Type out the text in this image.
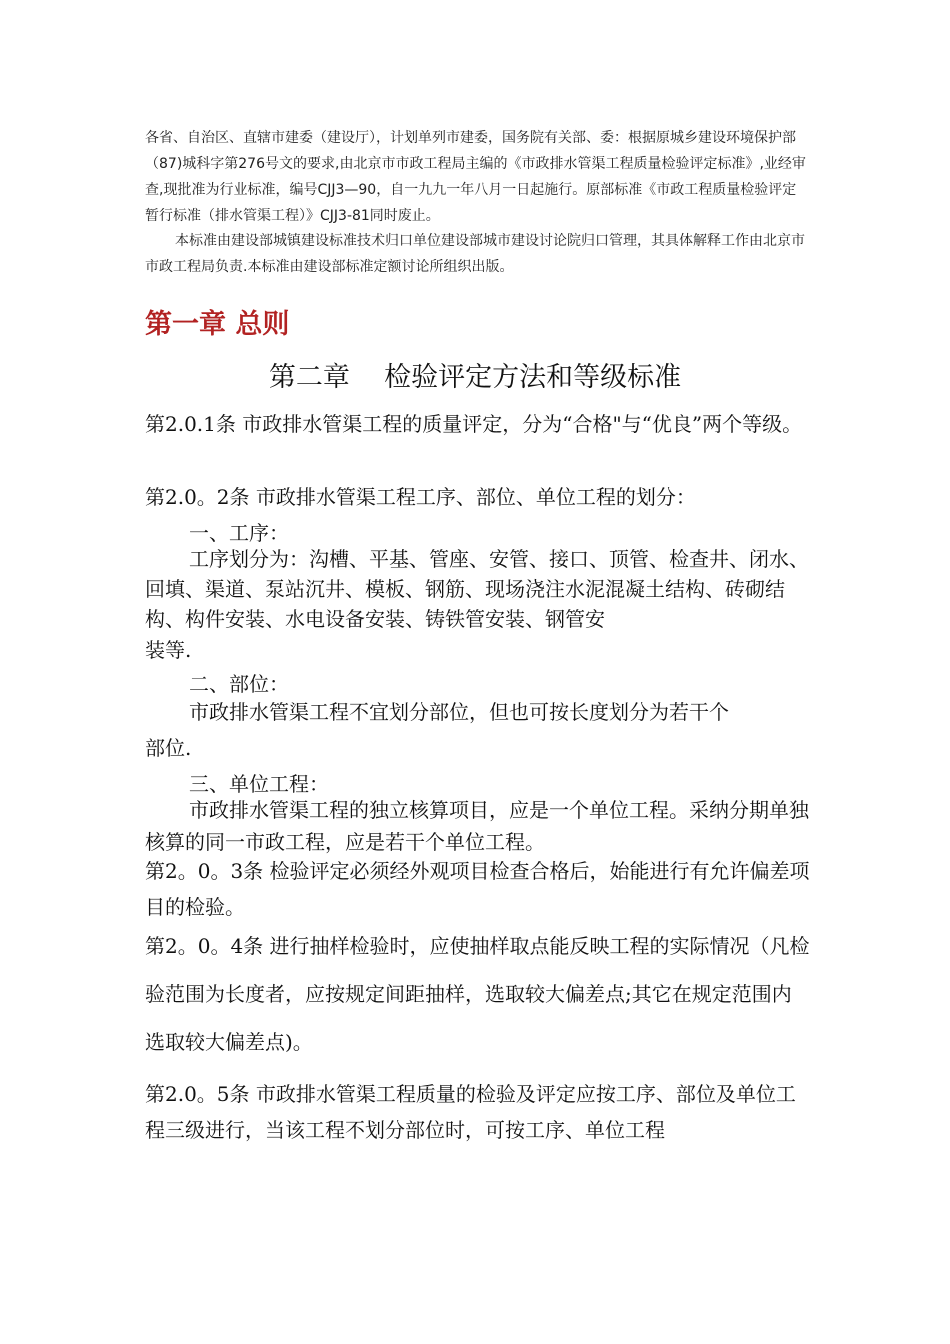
各省、自治区、直辖市建委（建设厅），计划单列市建委，国务院有关部、委：根据原城乡建设环境保护部（87)城科字第276号文的要求,由北京市市政工程局主编的《市政排水管渠工程质量检验评定标准》,业经审查,现批准为行业标准，编号CJJ3—90，自一九九一年八月一日起施行。原部标准《市政工程质量检验评定暂行标准（排水管渠工程）》CJJ3-81同时废止。
本标准由建设部城镇建设标准技术归口单位建设部城市建设讨论院归口管理，其具体解释工作由北京市市政工程局负责.本标准由建设部标准定额讨论所组织出版。
第一章 总则
第二章    检验评定方法和等级标准
第2.0.1条 市政排水管渠工程的质量评定，分为“合格"与“优良”两个等级。
第2.0。2条 市政排水管渠工程工序、部位、单位工程的划分：
一、工序：
工序划分为：沟槽、平基、管座、安管、接口、顶管、检查井、闭水、回填、渠道、泵站沉井、模板、钢筋、现场浇注水泥混凝土结构、砖砌结构、构件安装、水电设备安装、铸铁管安装、钢管安
装等.
二、部位：
市政排水管渠工程不宜划分部位，但也可按长度划分为若干个
部位.
三、单位工程：
市政排水管渠工程的独立核算项目，应是一个单位工程。采纳分期单独核算的同一市政工程，应是若干个单位工程。
第2。0。3条 检验评定必须经外观项目检查合格后，始能进行有允许偏差项目的检验。
第2。0。4条 进行抽样检验时，应使抽样取点能反映工程的实际情况（凡检验范围为长度者，应按规定间距抽样，选取较大偏差点;其它在规定范围内选取较大偏差点)。
第2.0。5条 市政排水管渠工程质量的检验及评定应按工序、部位及单位工程三级进行，当该工程不划分部位时，可按工序、单位工程
